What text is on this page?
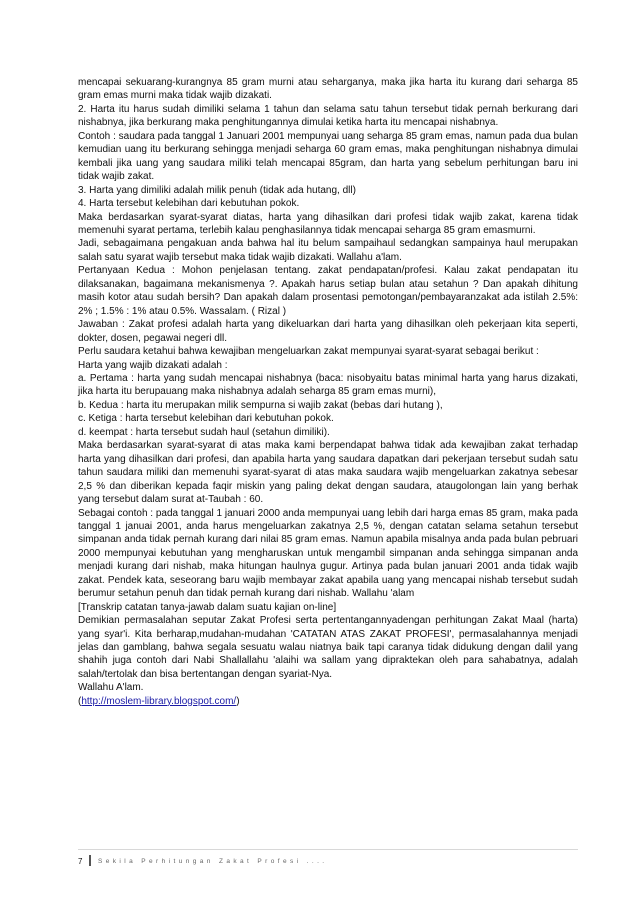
mencapai sekuarang-kurangnya 85 gram murni atau seharganya, maka jika harta itu kurang dari seharga 85 gram emas murni maka tidak wajib dizakati.

2. Harta itu harus sudah dimiliki selama 1 tahun dan selama satu tahun tersebut tidak pernah berkurang dari nishabnya, jika berkurang maka penghitungannya dimulai ketika harta itu mencapai nishabnya.

Contoh : saudara pada tanggal 1 Januari 2001 mempunyai uang seharga 85 gram emas, namun pada dua bulan kemudian uang itu berkurang sehingga menjadi seharga 60 gram emas, maka penghitungan nishabnya dimulai kembali jika uang yang saudara miliki telah mencapai 85gram, dan harta yang sebelum perhitungan baru ini tidak wajib zakat.

3. Harta yang dimiliki adalah milik penuh (tidak ada hutang, dll)

4. Harta tersebut kelebihan dari kebutuhan pokok.

Maka berdasarkan syarat-syarat diatas, harta yang dihasilkan dari profesi tidak wajib zakat, karena tidak memenuhi syarat pertama, terlebih kalau penghasilannya tidak mencapai seharga 85 gram emasmurni.

Jadi, sebagaimana pengakuan anda bahwa hal itu belum sampaihaul sedangkan sampainya haul merupakan salah satu syarat wajib tersebut maka tidak wajib dizakati. Wallahu a'lam.

Pertanyaan Kedua : Mohon penjelasan tentang. zakat pendapatan/profesi. Kalau zakat pendapatan itu dilaksanakan, bagaimana mekanismenya ?. Apakah harus setiap bulan atau setahun ? Dan apakah dihitung masih kotor atau sudah bersih? Dan apakah dalam prosentasi pemotongan/pembayaranzakat ada istilah 2.5%: 2% ; 1.5% : 1% atau 0.5%. Wassalam. ( Rizal )

Jawaban : Zakat profesi adalah harta yang dikeluarkan dari harta yang dihasilkan oleh pekerjaan kita seperti, dokter, dosen, pegawai negeri dll.

Perlu saudara ketahui bahwa kewajiban mengeluarkan zakat mempunyai syarat-syarat sebagai berikut :

Harta yang wajib dizakati adalah :

a. Pertama : harta yang sudah mencapai nishabnya (baca: nisobyaitu batas minimal harta yang harus dizakati, jika harta itu berupauang maka nishabnya adalah seharga 85 gram emas murni),

b. Kedua : harta itu merupakan milik sempurna si wajib zakat (bebas dari hutang ),

c. Ketiga : harta tersebut kelebihan dari kebutuhan pokok.

d. keempat : harta tersebut sudah haul (setahun dimiliki).

Maka berdasarkan syarat-syarat di atas maka kami berpendapat bahwa tidak ada kewajiban zakat terhadap harta yang dihasilkan dari profesi, dan apabila harta yang saudara dapatkan dari pekerjaan tersebut sudah satu tahun saudara miliki dan memenuhi syarat-syarat di atas maka saudara wajib mengeluarkan zakatnya sebesar 2,5 % dan diberikan kepada faqir miskin yang paling dekat dengan saudara, ataugolongan lain yang berhak yang tersebut dalam surat at-Taubah : 60.

Sebagai contoh : pada tanggal 1 januari 2000 anda mempunyai uang lebih dari harga emas 85 gram, maka pada tanggal 1 januai 2001, anda harus mengeluarkan zakatnya 2,5 %, dengan catatan selama setahun tersebut simpanan anda tidak pernah kurang dari nilai 85 gram emas. Namun apabila misalnya anda pada bulan pebruari 2000 mempunyai kebutuhan yang mengharuskan untuk mengambil simpanan anda sehingga simpanan anda menjadi kurang dari nishab, maka hitungan haulnya gugur. Artinya pada bulan januari 2001 anda tidak wajib zakat. Pendek kata, seseorang baru wajib membayar zakat apabila uang yang mencapai nishab tersebut sudah berumur setahun penuh dan tidak pernah kurang dari nishab. Wallahu 'alam

[Transkrip catatan tanya-jawab dalam suatu kajian on-line]

Demikian permasalahan seputar Zakat Profesi serta pertentangannyadengan perhitungan Zakat Maal (harta) yang syar'i. Kita berharap,mudahan-mudahan 'CATATAN ATAS ZAKAT PROFESI', permasalahannya menjadi jelas dan gamblang, bahwa segala sesuatu walau niatnya baik tapi caranya tidak didukung dengan dalil yang shahih juga contoh dari Nabi Shallallahu 'alaihi wa sallam yang dipraktekan oleh para sahabatnya, adalah salah/tertolak dan bisa bertentangan dengan syariat-Nya.

Wallahu A'lam.

(http://moslem-library.blogspot.com/)

7 Sekila Perhitungan Zakat Profesi ....
